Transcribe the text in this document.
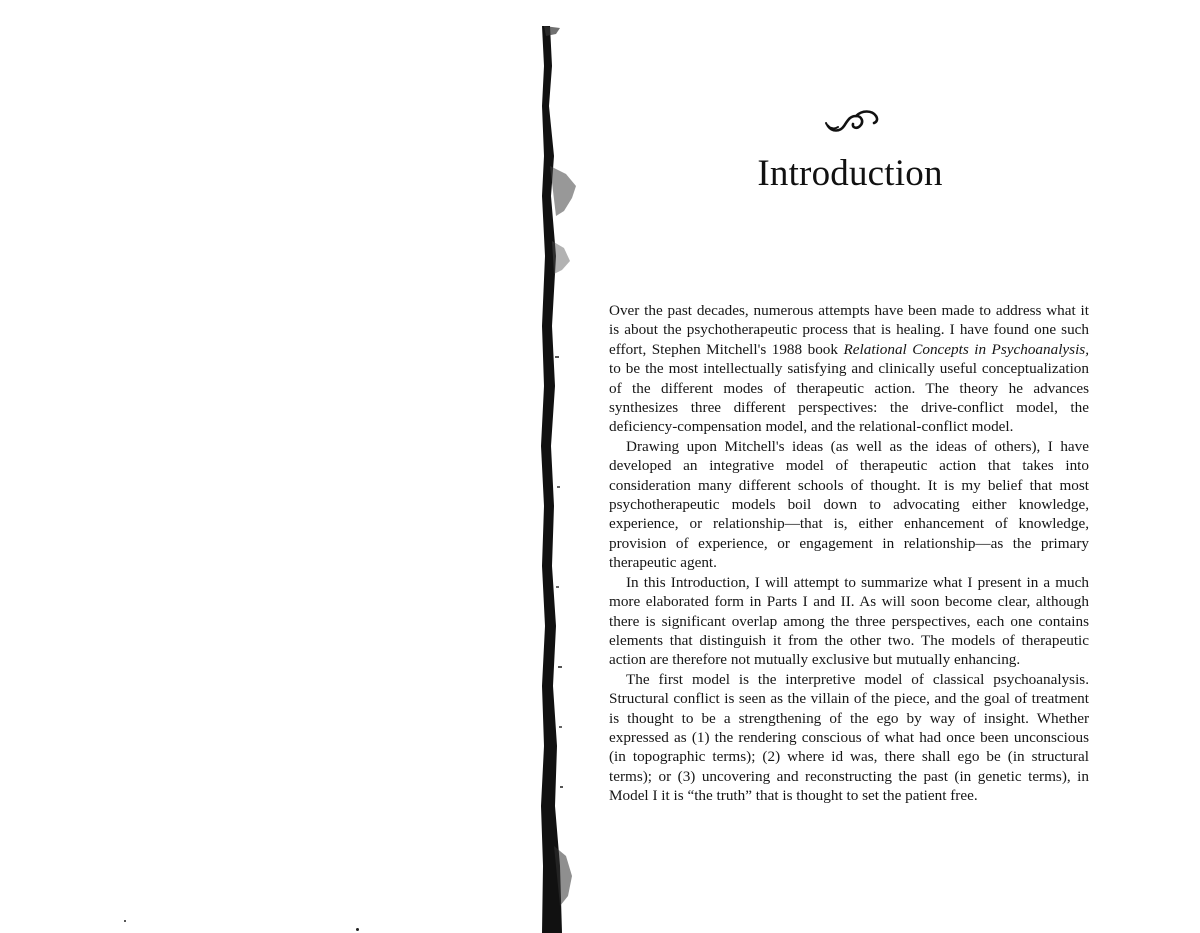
Introduction

Over the past decades, numerous attempts have been made to address what it is about the psychotherapeutic process that is healing. I have found one such effort, Stephen Mitchell's 1988 book Relational Concepts in Psychoanalysis, to be the most intellectually satisfying and clinically useful conceptualization of the different modes of therapeutic action. The theory he advances synthesizes three different perspectives: the drive-conflict model, the deficiency-compensation model, and the relational-conflict model.

Drawing upon Mitchell's ideas (as well as the ideas of others), I have developed an integrative model of therapeutic action that takes into consideration many different schools of thought. It is my belief that most psychotherapeutic models boil down to advocating either knowledge, experience, or relationship—that is, either enhancement of knowledge, provision of experience, or engagement in relationship—as the primary therapeutic agent.

In this Introduction, I will attempt to summarize what I present in a much more elaborated form in Parts I and II. As will soon become clear, although there is significant overlap among the three perspectives, each one contains elements that distinguish it from the other two. The models of therapeutic action are therefore not mutually exclusive but mutually enhancing.

The first model is the interpretive model of classical psychoanalysis. Structural conflict is seen as the villain of the piece, and the goal of treatment is thought to be a strengthening of the ego by way of insight. Whether expressed as (1) the rendering conscious of what had once been unconscious (in topographic terms); (2) where id was, there shall ego be (in structural terms); or (3) uncovering and reconstructing the past (in genetic terms), in Model I it is “the truth” that is thought to set the patient free.
